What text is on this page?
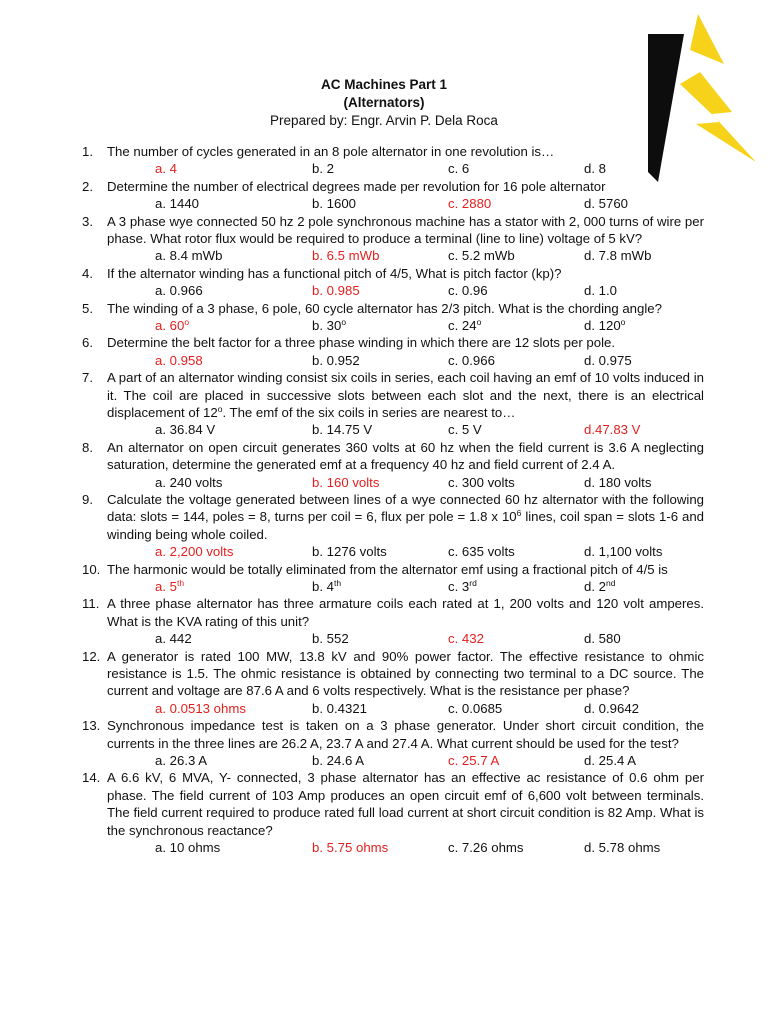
AC Machines Part 1
(Alternators)
Prepared by: Engr. Arvin P. Dela Roca
1. The number of cycles generated in an 8 pole alternator in one revolution is…
a. 4	b. 2	c. 6	d. 8
2. Determine the number of electrical degrees made per revolution for 16 pole alternator
a. 1440	b. 1600	c. 2880	d. 5760
3. A 3 phase wye connected 50 hz 2 pole synchronous machine has a stator with 2, 000 turns of wire per phase. What rotor flux would be required to produce a terminal (line to line) voltage of 5 kV?
a. 8.4 mWb	b. 6.5 mWb	c. 5.2 mWb	d. 7.8 mWb
4. If the alternator winding has a functional pitch of 4/5, What is pitch factor (kp)?
a. 0.966	b. 0.985	c. 0.96	d. 1.0
5. The winding of a 3 phase, 6 pole, 60 cycle alternator has 2/3 pitch. What is the chording angle?
a. 60$^o$	b. 30$^o$	c. 24$^o$	d. 120$^o$
6. Determine the belt factor for a three phase winding in which there are 12 slots per pole.
a. 0.958	b. 0.952	c. 0.966	d. 0.975
7. A part of an alternator winding consist six coils in series, each coil having an emf of 10 volts induced in it. The coil are placed in successive slots between each slot and the next, there is an electrical displacement of 12$^o$. The emf of the six coils in series are nearest to…
a. 36.84 V	b. 14.75 V	c. 5 V	d.47.83 V
8. An alternator on open circuit generates 360 volts at 60 hz when the field current is 3.6 A neglecting saturation, determine the generated emf at a frequency 40 hz and field current of 2.4 A.
a. 240 volts	b. 160 volts	c. 300 volts	d. 180 volts
9. Calculate the voltage generated between lines of a wye connected 60 hz alternator with the following data: slots = 144, poles = 8, turns per coil = 6, flux per pole = 1.8 x $10^6$ lines, coil span = slots 1-6 and winding being whole coiled.
a. 2,200 volts	b. 1276 volts	c. 635 volts	d. 1,100 volts
10. The harmonic would be totally eliminated from the alternator emf using a fractional pitch of 4/5 is
a. 5th	b. 4th	c. 3rd	d. 2nd
11. A three phase alternator has three armature coils each rated at 1, 200 volts and 120 volt amperes. What is the KVA rating of this unit?
a. 442	b. 552	c. 432	d. 580
12. A generator is rated 100 MW, 13.8 kV and 90% power factor. The effective resistance to ohmic resistance is 1.5. The ohmic resistance is obtained by connecting two terminal to a DC source. The current and voltage are 87.6 A and 6 volts respectively. What is the resistance per phase?
a. 0.0513 ohms	b. 0.4321	c. 0.0685	d. 0.9642
13. Synchronous impedance test is taken on a 3 phase generator. Under short circuit condition, the currents in the three lines are 26.2 A, 23.7 A and 27.4 A. What current should be used for the test?
a. 26.3 A	b. 24.6 A	c. 25.7 A	d. 25.4 A
14. A 6.6 kV, 6 MVA, Y- connected, 3 phase alternator has an effective ac resistance of 0.6 ohm per phase. The field current of 103 Amp produces an open circuit emf of 6,600 volt between terminals. The field current required to produce rated full load current at short circuit condition is 82 Amp. What is the synchronous reactance?
a. 10 ohms	b. 5.75 ohms	c. 7.26 ohms	d. 5.78 ohms
